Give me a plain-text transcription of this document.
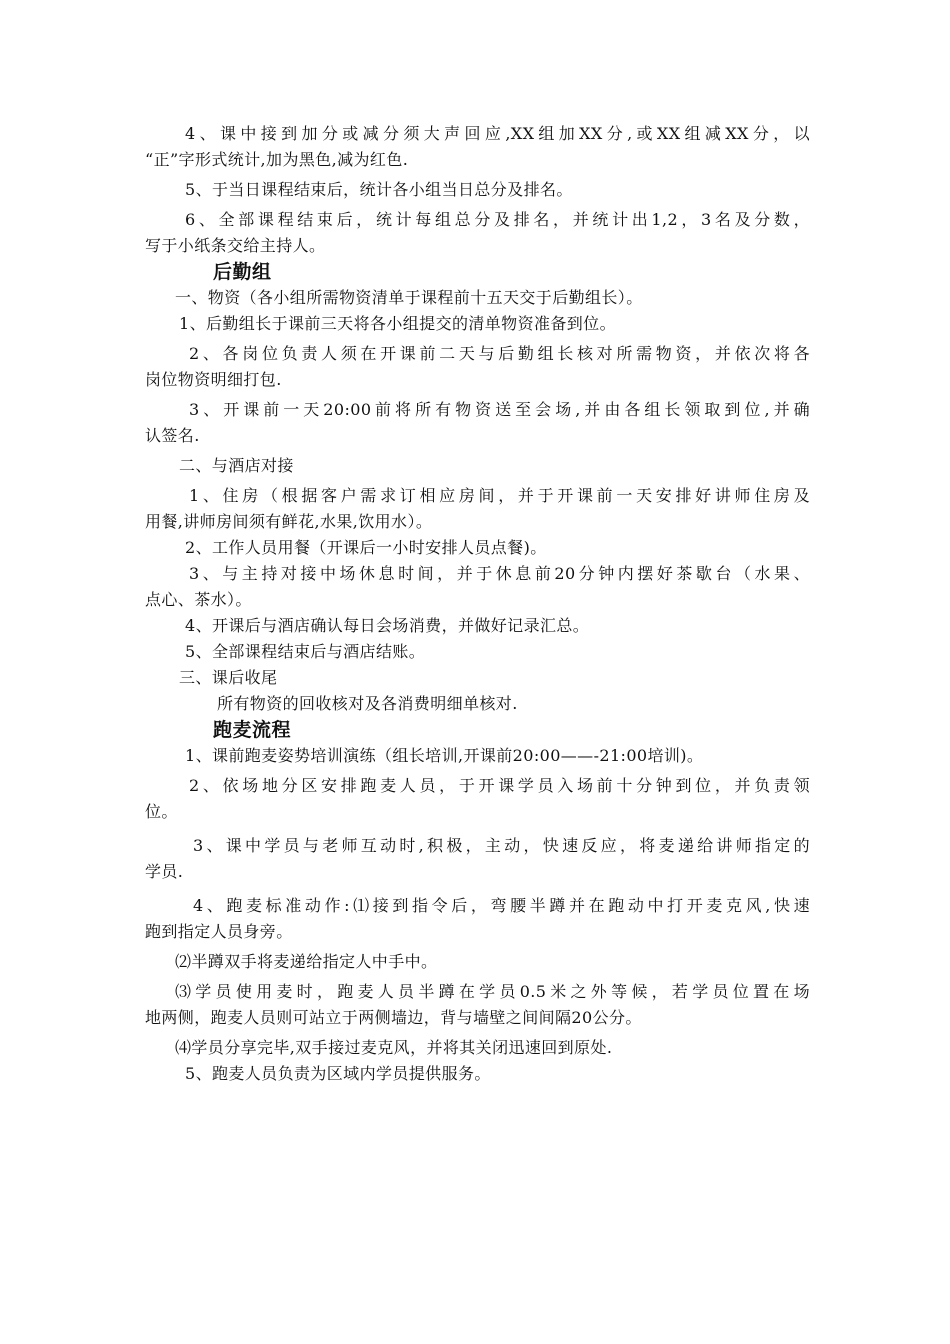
4、课中接到加分或减分须大声回应,XX组加XX分,或XX组减XX分，以
“正”字形式统计,加为黑色,减为红色.
5、于当日课程结束后，统计各小组当日总分及排名。
6、全部课程结束后，统计每组总分及排名，并统计出1,2，3名及分数，
写于小纸条交给主持人。
后勤组
一、物资（各小组所需物资清单于课程前十五天交于后勤组长）。
1、后勤组长于课前三天将各小组提交的清单物资准备到位。
2、各岗位负责人须在开课前二天与后勤组长核对所需物资，并依次将各
岗位物资明细打包.
3、开课前一天20:00前将所有物资送至会场,并由各组长领取到位,并确
认签名.
二、与酒店对接
1、住房（根据客户需求订相应房间，并于开课前一天安排好讲师住房及
用餐,讲师房间须有鲜花,水果,饮用水）。
2、工作人员用餐（开课后一小时安排人员点餐)。
3、与主持对接中场休息时间，并于休息前20分钟内摆好茶歇台（水果、
点心、茶水）。
4、开课后与酒店确认每日会场消费，并做好记录汇总。
5、全部课程结束后与酒店结账。
三、课后收尾
所有物资的回收核对及各消费明细单核对.
跑麦流程
1、课前跑麦姿势培训演练（组长培训,开课前20:00——-21:00培训)。
2、依场地分区安排跑麦人员，于开课学员入场前十分钟到位，并负责领
位。
3、课中学员与老师互动时,积极，主动，快速反应，将麦递给讲师指定的
学员.
4、跑麦标准动作:⑴接到指令后，弯腰半蹲并在跑动中打开麦克风,快速
跑到指定人员身旁。
⑵半蹲双手将麦递给指定人中手中。
⑶学员使用麦时，跑麦人员半蹲在学员0.5米之外等候，若学员位置在场
地两侧，跑麦人员则可站立于两侧墙边，背与墙壁之间间隔20公分。
⑷学员分享完毕,双手接过麦克风，并将其关闭迅速回到原处.
5、跑麦人员负责为区域内学员提供服务。
